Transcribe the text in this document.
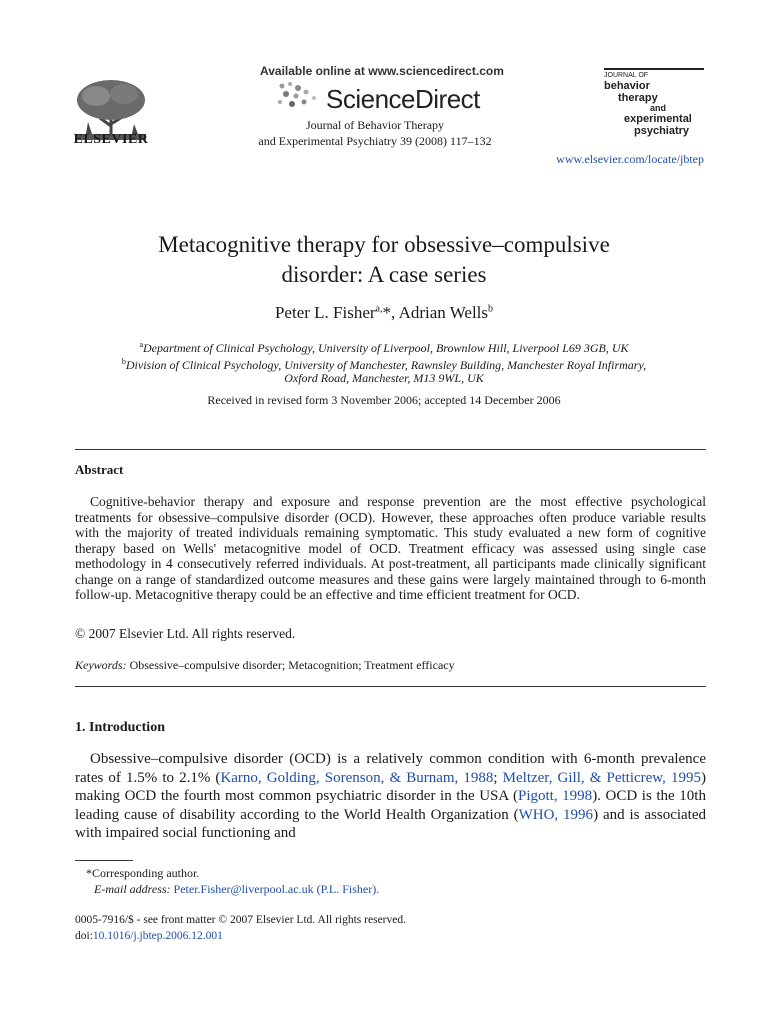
ELSEVIER
Available online at www.sciencedirect.com
ScienceDirect
Journal of Behavior Therapy
and Experimental Psychiatry 39 (2008) 117–132
JOURNAL OF
behavior
therapy
and
experimental
psychiatry
www.elsevier.com/locate/jbtep
Metacognitive therapy for obsessive–compulsive
disorder: A case series
Peter L. Fisher$^{a,}$*, Adrian Wells$^b$
$^a$Department of Clinical Psychology, University of Liverpool, Brownlow Hill, Liverpool L69 3GB, UK
$^b$Division of Clinical Psychology, University of Manchester, Rawnsley Building, Manchester Royal Infirmary,
Oxford Road, Manchester, M13 9WL, UK
Received in revised form 3 November 2006; accepted 14 December 2006
Abstract
Cognitive-behavior therapy and exposure and response prevention are the most effective psychological treatments for obsessive–compulsive disorder (OCD). However, these approaches often produce variable results with the majority of treated individuals remaining symptomatic. This study evaluated a new form of cognitive therapy based on Wells' metacognitive model of OCD. Treatment efficacy was assessed using single case methodology in 4 consecutively referred individuals. At post-treatment, all participants made clinically significant change on a range of standardized outcome measures and these gains were largely maintained through to 6-month follow-up. Metacognitive therapy could be an effective and time efficient treatment for OCD.
© 2007 Elsevier Ltd. All rights reserved.
Keywords: Obsessive–compulsive disorder; Metacognition; Treatment efficacy
1. Introduction
Obsessive–compulsive disorder (OCD) is a relatively common condition with 6-month prevalence rates of 1.5% to 2.1% (Karno, Golding, Sorenson, & Burnam, 1988; Meltzer, Gill, & Petticrew, 1995) making OCD the fourth most common psychiatric disorder in the USA (Pigott, 1998). OCD is the 10th leading cause of disability according to the World Health Organization (WHO, 1996) and is associated with impaired social functioning and
*Corresponding author.
E-mail address: Peter.Fisher@liverpool.ac.uk (P.L. Fisher).
0005-7916/$ - see front matter © 2007 Elsevier Ltd. All rights reserved.
doi:10.1016/j.jbtep.2006.12.001
